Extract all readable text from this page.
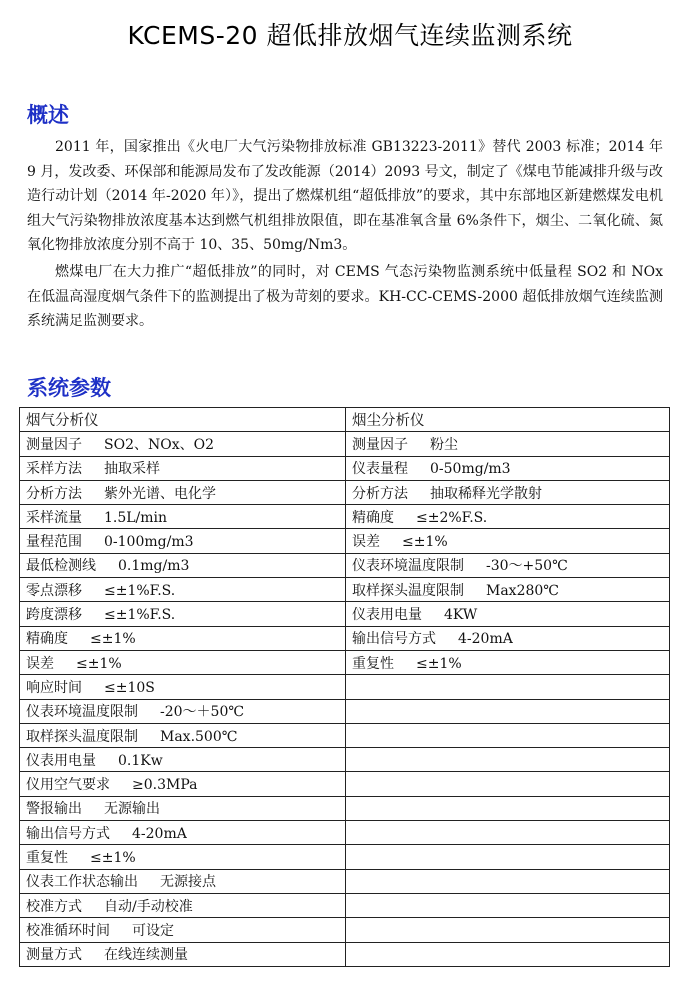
KCEMS-20 超低排放烟气连续监测系统
概述

2011 年，国家推出《火电厂大气污染物排放标准 GB13223-2011》替代 2003 标准；2014 年 9 月，发改委、环保部和能源局发布了发改能源（2014）2093 号文，制定了《煤电节能减排升级与改造行动计划（2014 年-2020 年）》，提出了燃煤机组“超低排放”的要求，其中东部地区新建燃煤发电机组大气污染物排放浓度基本达到燃气机组排放限值，即在基准氧含量 6%条件下，烟尘、二氧化硫、氮氧化物排放浓度分别不高于 10、35、50mg/Nm3。

燃煤电厂在大力推广“超低排放”的同时，对 CEMS 气态污染物监测系统中低量程 SO2 和 NOx 在低温高湿度烟气条件下的监测提出了极为苛刻的要求。KH-CC-CEMS-2000 超低排放烟气连续监测系统满足监测要求。

系统参数
烟气分析仪	烟尘分析仪
测量因子 SO2、NOx、O2	测量因子 粉尘
采样方法 抽取采样	仪表量程 0-50mg/m3
分析方法 紫外光谱、电化学	分析方法 抽取稀释光学散射
采样流量 1.5L/min	精确度 ≤±2%F.S.
量程范围 0-100mg/m3	误差 ≤±1%
最低检测线 0.1mg/m3	仪表环境温度限制 -30～+50℃
零点漂移 ≤±1%F.S.	取样探头温度限制 Max280℃
跨度漂移 ≤±1%F.S.	仪表用电量 4KW
精确度 ≤±1%	输出信号方式 4-20mA
误差 ≤±1%	重复性 ≤±1%
响应时间 ≤±10S	
仪表环境温度限制 -20～＋50℃	
取样探头温度限制 Max.500℃	
仪表用电量 0.1Kw	
仪用空气要求 ≥0.3MPa	
警报输出 无源输出	
输出信号方式 4-20mA	
重复性 ≤±1%	
仪表工作状态输出 无源接点	
校准方式 自动/手动校准	
校准循环时间 可设定	
测量方式 在线连续测量	
